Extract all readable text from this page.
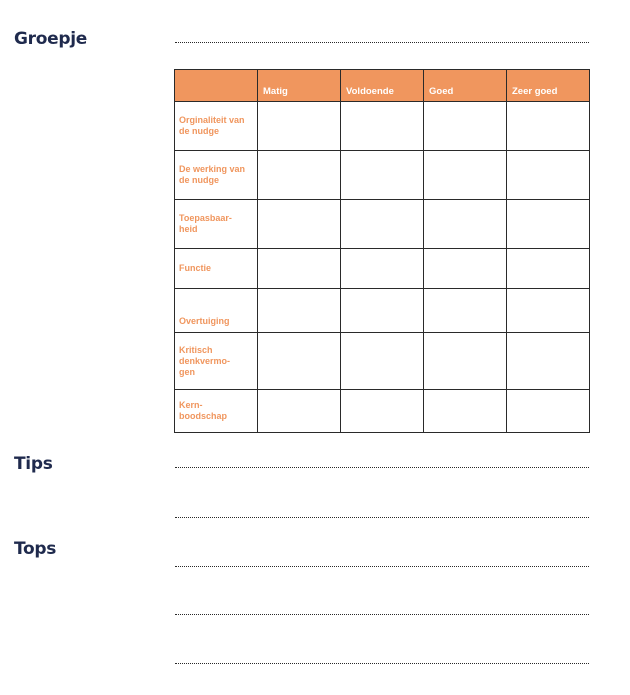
Groepje
	Matig	Voldoende	Goed	Zeer goed

Orginaliteit van de nudge				

De werking van de nudge				

Toepasbaar-heid				

Functie				
Overtuiging				

Kritisch denkvermo-gen				

Kern-boodschap				

Tips
Tops
